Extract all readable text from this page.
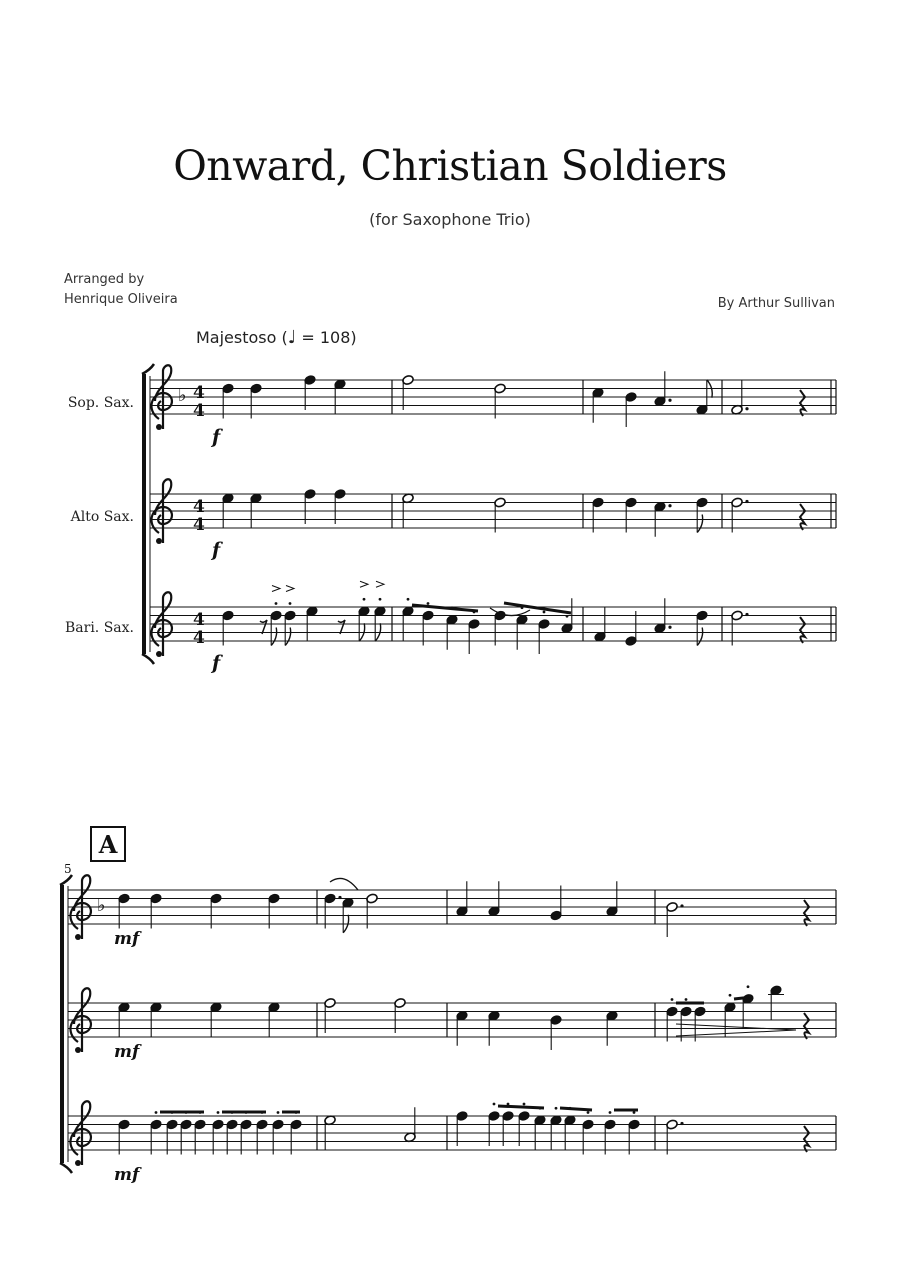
Onward, Christian Soldiers
(for Saxophone Trio)
Arranged by
Henrique Oliveira	By Arthur Sullivan
Majestoso (♩ = 108)
Sop. Sax.
Alto Sax.
Bari. Sax.
A
5
♭
♭
4
4
4
4
4
4
f
f
f
mf
mf
mf
